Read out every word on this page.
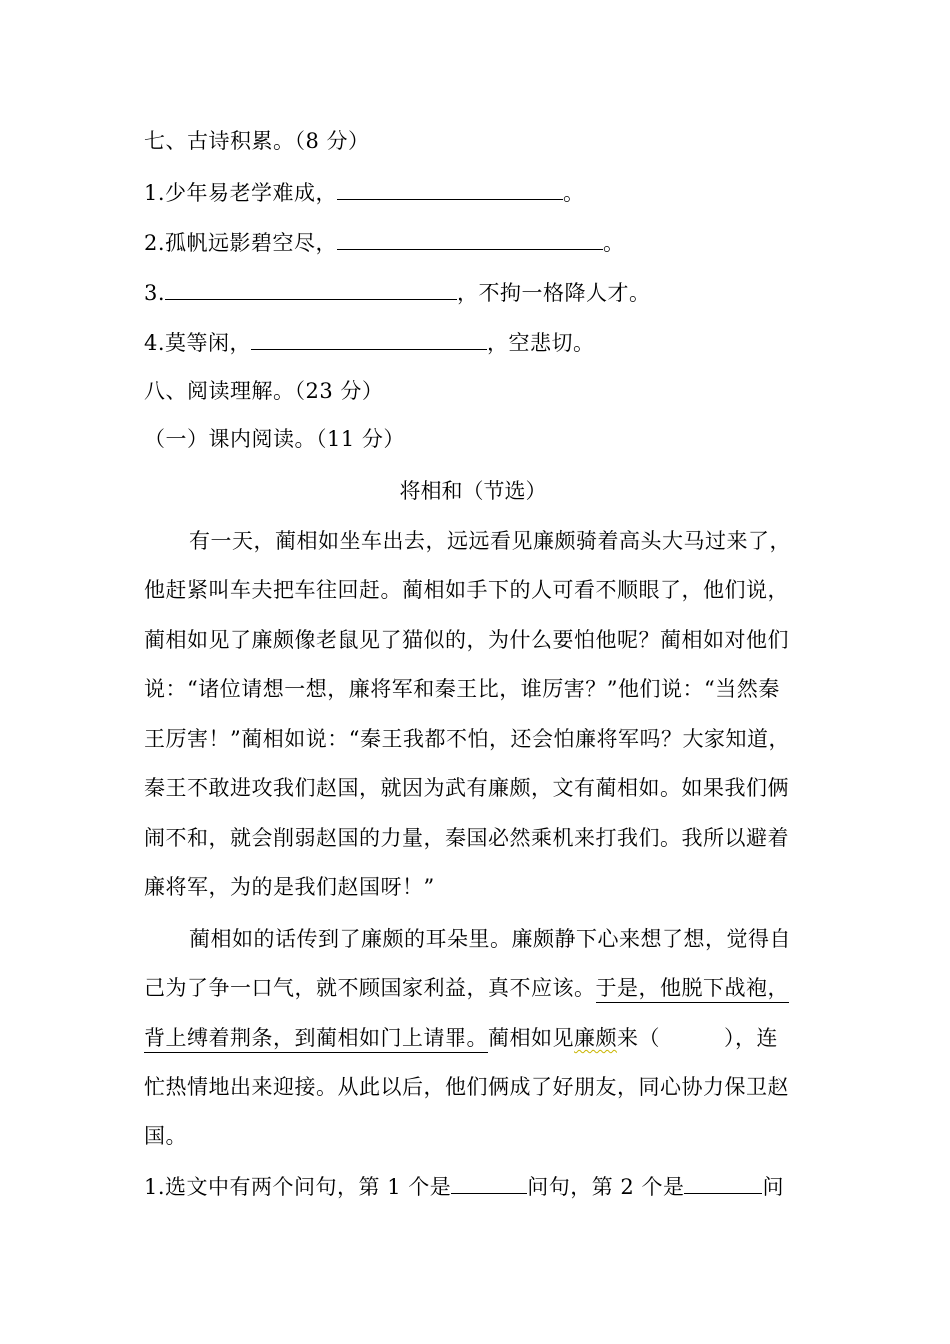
七、古诗积累。（8 分）
1.少年易老学难成，	。
2.孤帆远影碧空尽，	。
3.	，不拘一格降人才。
4.莫等闲，	，空悲切。
八、阅读理解。（23 分）
（一）课内阅读。（11 分）
将相和（节选）
有一天，蔺相如坐车出去，远远看见廉颇骑着高头大马过来了，
他赶紧叫车夫把车往回赶。蔺相如手下的人可看不顺眼了，他们说，
蔺相如见了廉颇像老鼠见了猫似的，为什么要怕他呢？蔺相如对他们
说：“诸位请想一想，廉将军和秦王比，谁厉害？”他们说：“当然秦
王厉害！”蔺相如说：“秦王我都不怕，还会怕廉将军吗？大家知道，
秦王不敢进攻我们赵国，就因为武有廉颇，文有蔺相如。如果我们俩
闹不和，就会削弱赵国的力量，秦国必然乘机来打我们。我所以避着
廉将军，为的是我们赵国呀！”
蔺相如的话传到了廉颇的耳朵里。廉颇静下心来想了想，觉得自
己为了争一口气，就不顾国家利益，真不应该。于是，他脱下战袍，
背上缚着荆条，到蔺相如门上请罪。蔺相如见廉颇来（	），连
忙热情地出来迎接。从此以后，他们俩成了好朋友，同心协力保卫赵
国。
1.选文中有两个问句，第 1 个是	问句，第 2 个是	问
